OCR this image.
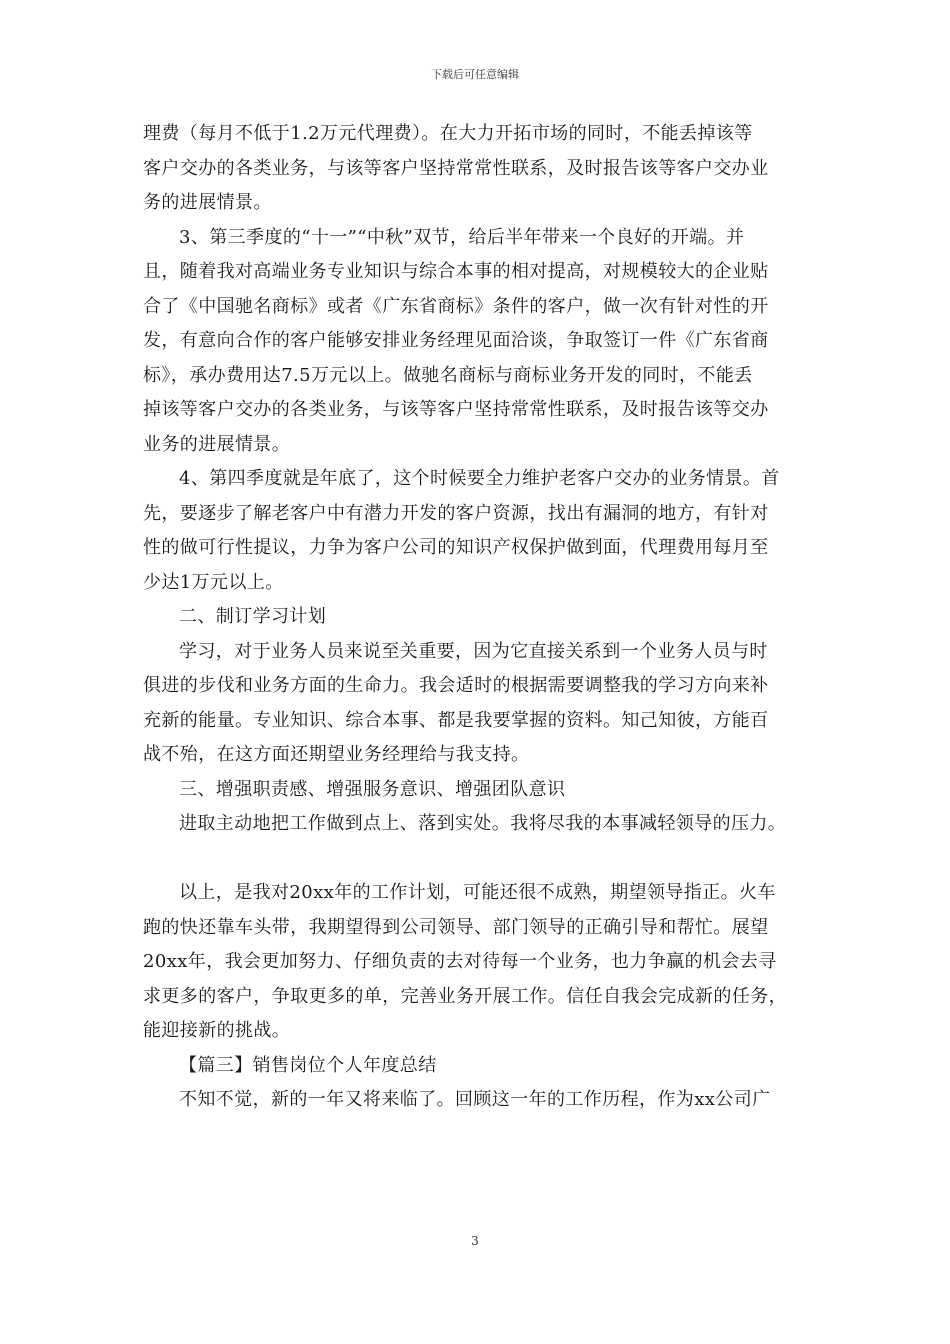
下载后可任意编辑
理费（每月不低于1.2万元代理费）。在大力开拓市场的同时，不能丢掉该等
客户交办的各类业务，与该等客户坚持常常性联系，及时报告该等客户交办业
务的进展情景。
3、第三季度的“十一”“中秋”双节，给后半年带来一个良好的开端。并
且，随着我对高端业务专业知识与综合本事的相对提高，对规模较大的企业贴
合了《中国驰名商标》或者《广东省商标》条件的客户，做一次有针对性的开
发，有意向合作的客户能够安排业务经理见面洽谈，争取签订一件《广东省商
标》，承办费用达7.5万元以上。做驰名商标与商标业务开发的同时，不能丢
掉该等客户交办的各类业务，与该等客户坚持常常性联系，及时报告该等交办
业务的进展情景。
4、第四季度就是年底了，这个时候要全力维护老客户交办的业务情景。首
先，要逐步了解老客户中有潜力开发的客户资源，找出有漏洞的地方，有针对
性的做可行性提议，力争为客户公司的知识产权保护做到面，代理费用每月至
少达1万元以上。
二、制订学习计划
学习，对于业务人员来说至关重要，因为它直接关系到一个业务人员与时
俱进的步伐和业务方面的生命力。我会适时的根据需要调整我的学习方向来补
充新的能量。专业知识、综合本事、都是我要掌握的资料。知己知彼，方能百
战不殆，在这方面还期望业务经理给与我支持。
三、增强职责感、增强服务意识、增强团队意识
进取主动地把工作做到点上、落到实处。我将尽我的本事减轻领导的压力。
以上，是我对20xx年的工作计划，可能还很不成熟，期望领导指正。火车
跑的快还靠车头带，我期望得到公司领导、部门领导的正确引导和帮忙。展望
20xx年，我会更加努力、仔细负责的去对待每一个业务，也力争赢的机会去寻
求更多的客户，争取更多的单，完善业务开展工作。信任自我会完成新的任务，
能迎接新的挑战。
【篇三】销售岗位个人年度总结
不知不觉，新的一年又将来临了。回顾这一年的工作历程，作为xx公司广
3
